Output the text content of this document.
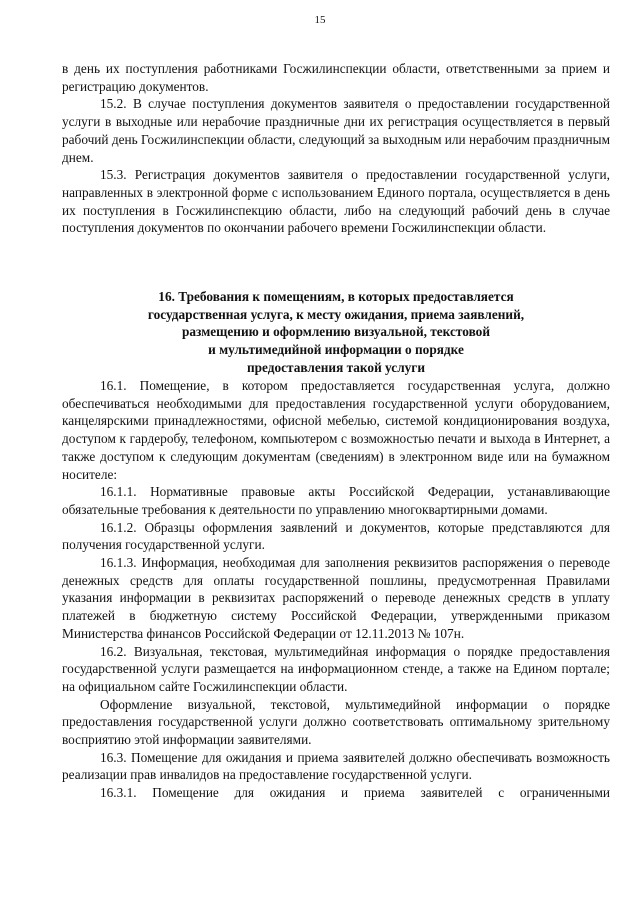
15

в день их поступления работниками Госжилинспекции области, ответственными за прием и регистрацию документов.

15.2. В случае поступления документов заявителя о предоставлении государственной услуги в выходные или нерабочие праздничные дни их регистрация осуществляется в первый рабочий день Госжилинспекции области, следующий за выходным или нерабочим праздничным днем.

15.3. Регистрация документов заявителя о предоставлении государственной услуги, направленных в электронной форме с использованием Единого портала, осуществляется в день их поступления в Госжилинспекцию области, либо на следующий рабочий день в случае поступления документов по окончании рабочего времени Госжилинспекции области.

16. Требования к помещениям, в которых предоставляется
государственная услуга, к месту ожидания, приема заявлений,
размещению и оформлению визуальной, текстовой
и мультимедийной информации о порядке
предоставления такой услуги

16.1. Помещение, в котором предоставляется государственная услуга, должно обеспечиваться необходимыми для предоставления государственной услуги оборудованием, канцелярскими принадлежностями, офисной мебелью, системой кондиционирования воздуха, доступом к гардеробу, телефоном, компьютером с возможностью печати и выхода в Интернет, а также доступом к следующим документам (сведениям) в электронном виде или на бумажном носителе:

16.1.1. Нормативные правовые акты Российской Федерации, устанавливающие обязательные требования к деятельности по управлению многоквартирными домами.

16.1.2. Образцы оформления заявлений и документов, которые представляются для получения государственной услуги.

16.1.3. Информация, необходимая для заполнения реквизитов распоряжения о переводе денежных средств для оплаты государственной пошлины, предусмотренная Правилами указания информации в реквизитах распоряжений о переводе денежных средств в уплату платежей в бюджетную систему Российской Федерации, утвержденными приказом Министерства финансов Российской Федерации от 12.11.2013 № 107н.

16.2. Визуальная, текстовая, мультимедийная информация о порядке предоставления государственной услуги размещается на информационном стенде, а также на Едином портале; на официальном сайте Госжилинспекции области.

Оформление визуальной, текстовой, мультимедийной информации о порядке предоставления государственной услуги должно соответствовать оптимальному зрительному восприятию этой информации заявителями.

16.3. Помещение для ожидания и приема заявителей должно обеспечивать возможность реализации прав инвалидов на предоставление государственной услуги.

16.3.1. Помещение для ожидания и приема заявителей с ограниченными
